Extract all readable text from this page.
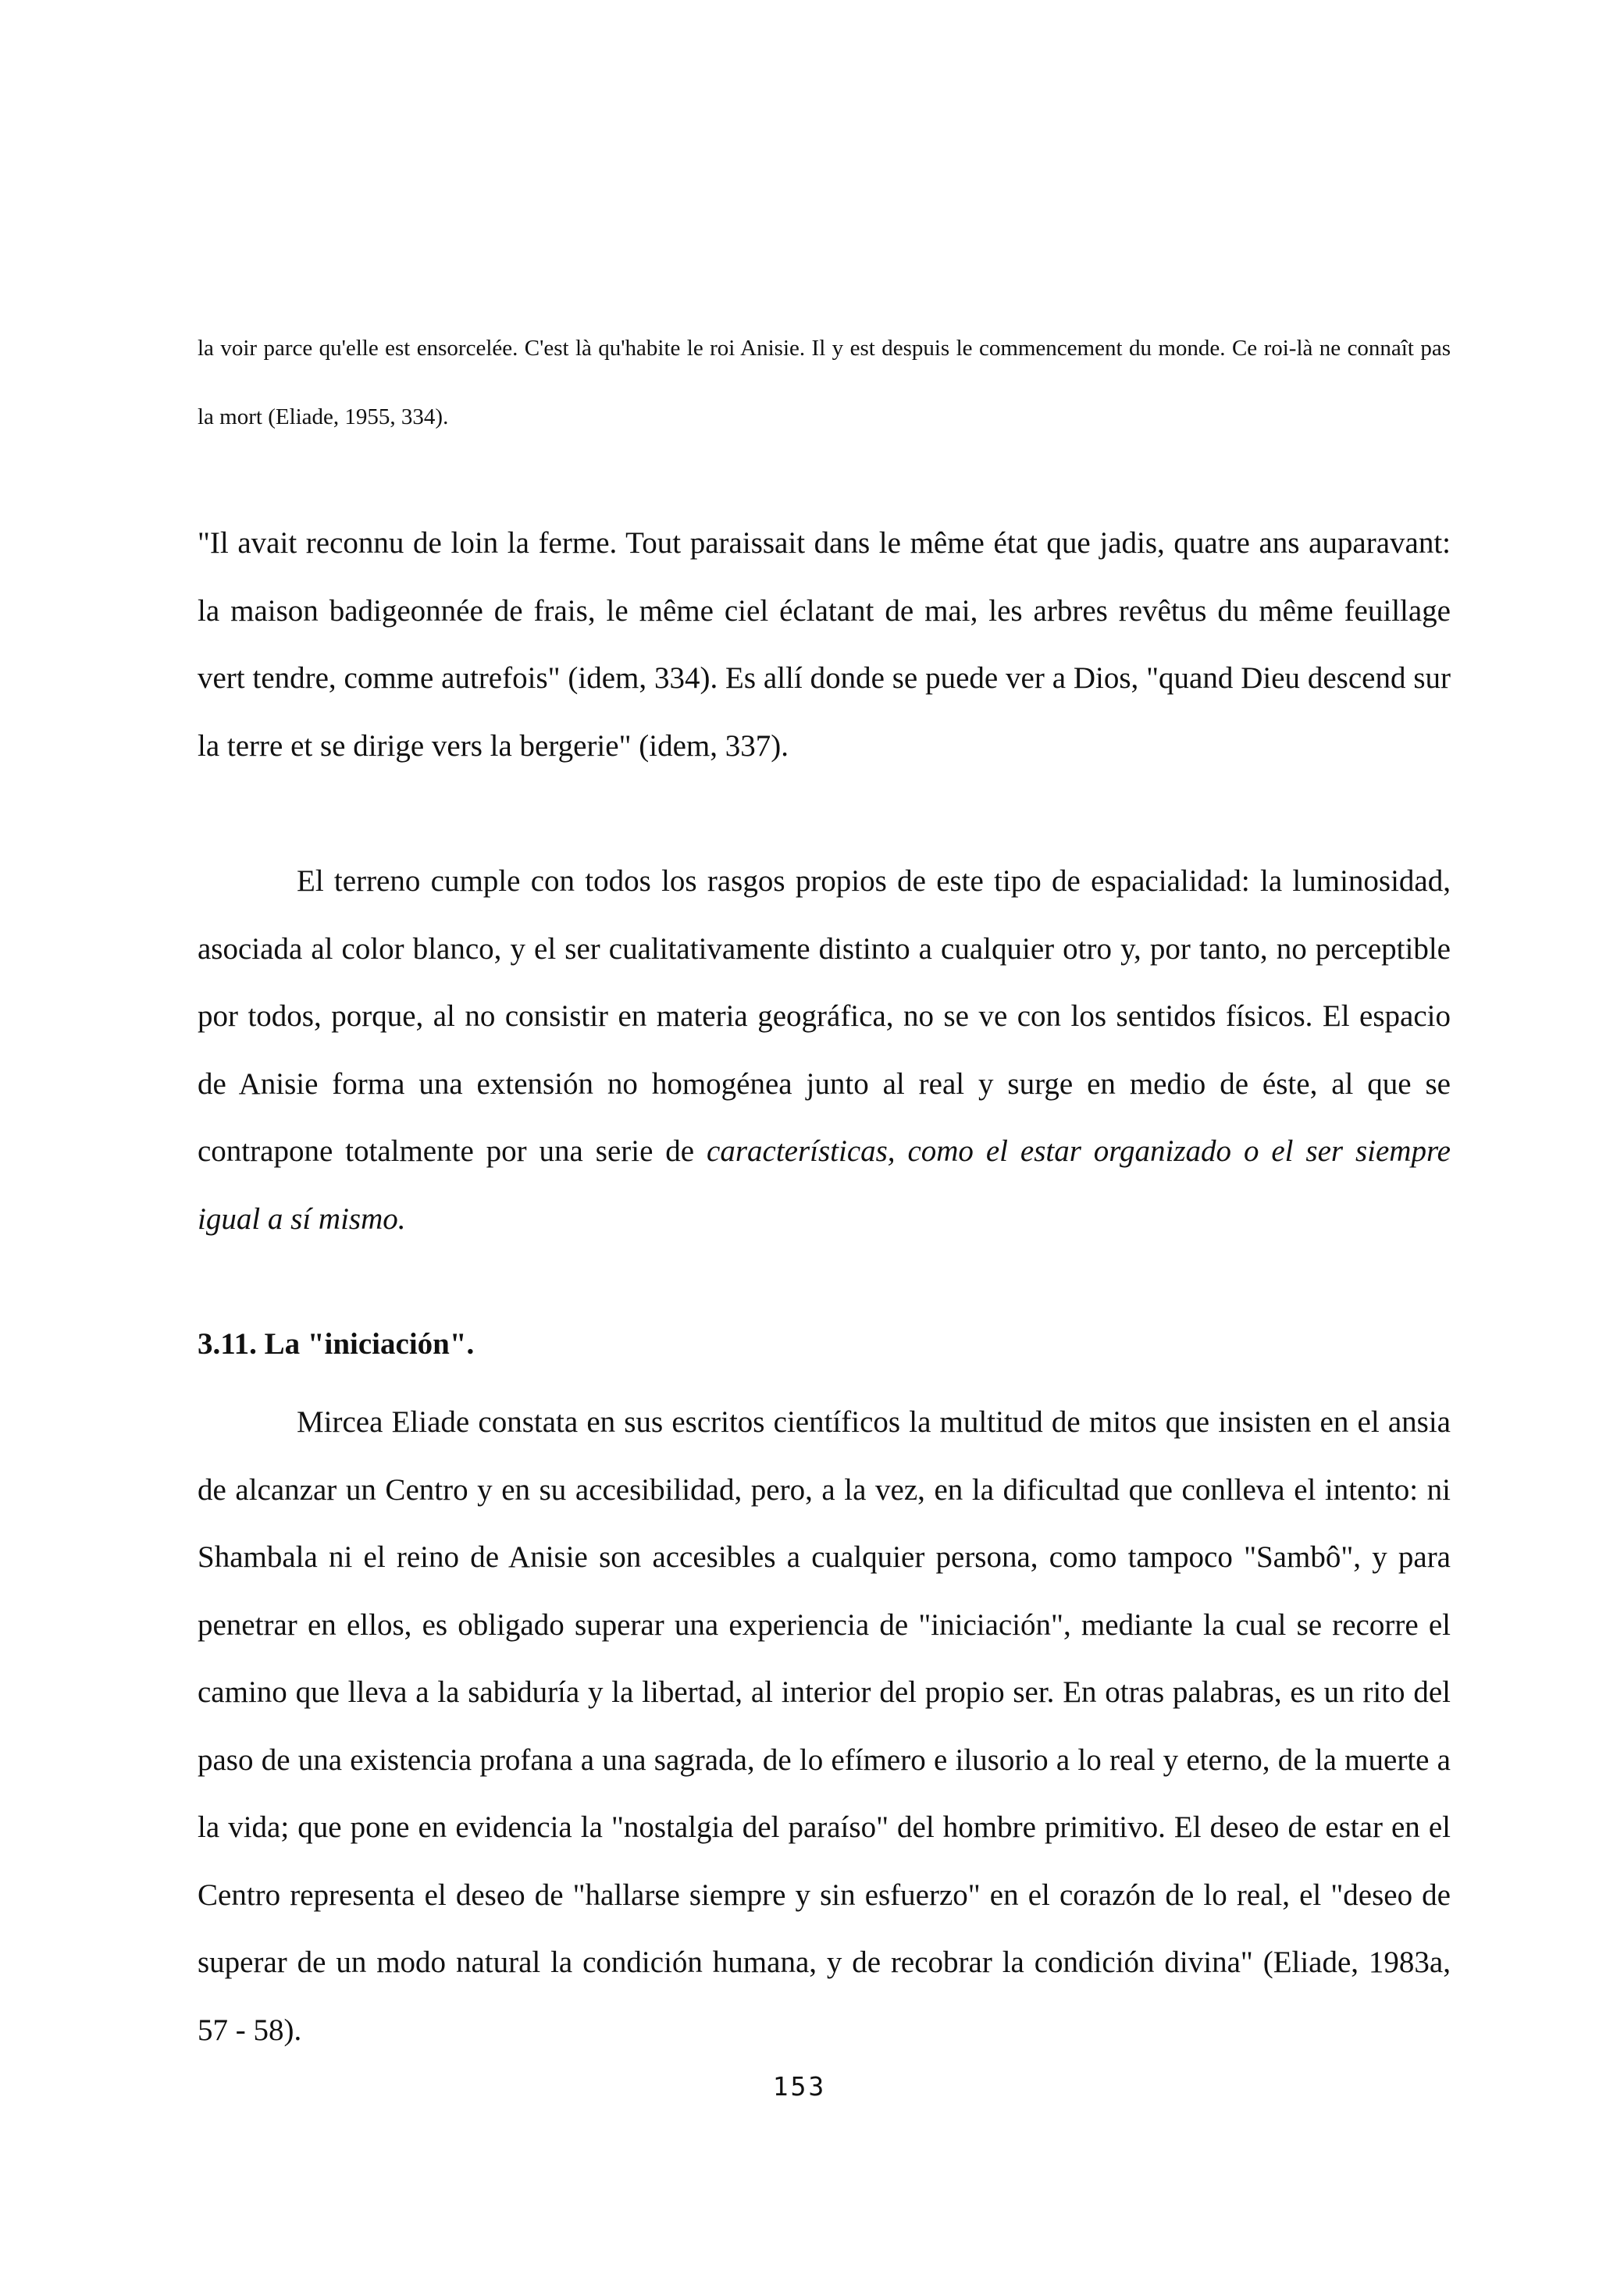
la voir parce qu'elle est ensorcelée. C'est là qu'habite le roi Anisie. Il y est despuis le commencement du monde. Ce roi-là ne connaît pas la mort (Eliade, 1955, 334).

"Il avait reconnu de loin la ferme. Tout paraissait dans le même état que jadis, quatre ans auparavant: la maison badigeonnée de frais, le même ciel éclatant de mai, les arbres revêtus du même feuillage vert tendre, comme autrefois" (idem, 334). Es allí donde se puede ver a Dios, "quand Dieu descend sur la terre et se dirige vers la bergerie" (idem, 337).

El terreno cumple con todos los rasgos propios de este tipo de espacialidad: la luminosidad, asociada al color blanco, y el ser cualitativamente distinto a cualquier otro y, por tanto, no perceptible por todos, porque, al no consistir en materia geográfica, no se ve con los sentidos físicos. El espacio de Anisie forma una extensión no homogénea junto al real y surge en medio de éste, al que se contrapone totalmente por una serie de características, como el estar organizado o el ser siempre igual a sí mismo.

3.11. La "iniciación".

Mircea Eliade constata en sus escritos científicos la multitud de mitos que insisten en el ansia de alcanzar un Centro y en su accesibilidad, pero, a la vez, en la dificultad que conlleva el intento: ni Shambala ni el reino de Anisie son accesibles a cualquier persona, como tampoco "Sambô", y para penetrar en ellos, es obligado superar una experiencia de "iniciación", mediante la cual se recorre el camino que lleva a la sabiduría y la libertad, al interior del propio ser. En otras palabras, es un rito del paso de una existencia profana a una sagrada, de lo efímero e ilusorio a lo real y eterno, de la muerte a la vida; que pone en evidencia la "nostalgia del paraíso" del hombre primitivo. El deseo de estar en el Centro representa el deseo de "hallarse siempre y sin esfuerzo" en el corazón de lo real, el "deseo de superar de un modo natural la condición humana, y de recobrar la condición divina" (Eliade, 1983a, 57 - 58).

153
